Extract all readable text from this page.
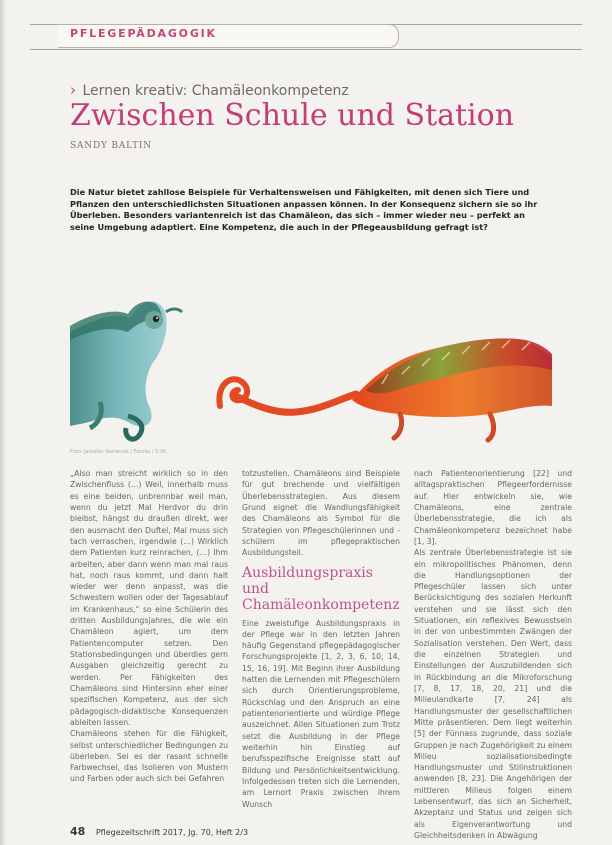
PFLEGEPÄDAGOGIK
› Lernen kreativ: Chamäleonkompetenz
Zwischen Schule und Station
SANDY BALTIN

Die Natur bietet zahllose Beispiele für Verhaltensweisen und Fähigkeiten, mit denen sich Tiere und Pflanzen den unterschiedlichsten Situationen anpassen können. In der Konsequenz sichern sie so ihr Überleben. Besonders variantenreich ist das Chamäleon, das sich – immer wieder neu – perfekt an seine Umgebung adaptiert. Eine Kompetenz, die auch in der Pflegeausbildung gefragt ist?

Foto: Jaroslav Nemecek / Fotolia / S.Vk.

„Also man streicht wirklich so in den Zwischenfluss (…) Weil, innerhalb muss es eine beiden, unbrennbar weil man, wenn du jetzt Mal Herdvor du drin bleibst, hängst du draußen direkt, wer den ausmacht den Duftel, Mal muss sich tach verraschen, irgendwie (…) Wirklich dem Patienten kurz reinrachen, (…) Ihm arbeiten, aber dann wenn man mal raus hat, noch raus kommt, und dann halt wieder wer denn anpasst, was die Schwestern wollen oder der Tagesablauf im Krankenhaus,“ so eine Schülerin des dritten Ausbildungsjahres, die wie ein Chamäleon agiert, um dem Patientencomputer setzen. Den Stationsbedingungen und überdies gern Ausgaben gleichzeitig gerecht zu werden. Per Fähigkeiten des Chamäleons sind Hintersinn eher einer spezifischen Kompetenz, aus der sich pädagogisch-didaktische Konsequenzen ableiten lassen.

Chamäleons stehen für die Fähigkeit, selbst unterschiedlicher Bedingungen zu überleben. Sei es der rasant schnelle Farbwechsel, das Isolieren von Mustern und Farben oder auch sich bei Gefahren

totzustellen. Chamäleons sind Beispiele für gut brechende und vielfältigen Überlebensstrategien. Aus diesem Grund eignet die Wandlungsfähigkeit des Chamäleons als Symbol für die Strategien von Pflegeschülerinnen und -schülern im pflegepraktischen Ausbildungsteil.

Ausbildungspraxis und Chamäleonkompetenz

Eine zweistufige Ausbildungspraxis in der Pflege war in den letzten Jahren häufig Gegenstand pflegepädagogischer Forschungsprojekte [1, 2, 3, 6, 10, 14, 15, 16, 19]. Mit Beginn ihrer Ausbildung hatten die Lernenden mit Pflegeschülern sich durch Orientierungsprobleme, Rückschlag und den Anspruch an eine patientenorientierte und würdige Pflege auszeichnet. Allen Situationen zum Trotz setzt die Ausbildung in der Pflege weiterhin hin Einstieg auf berufsspezifische Ereignisse statt auf Bildung und Persönlichkeitsentwicklung. Infolgedessen treten sich die Lernenden, am Lernort Praxis zwischen ihrem Wunsch

nach Patientenorientierung [22] und alltagspraktischen Pflegeerfordernisse auf. Hier entwickeln sie, wie Chamäleons, eine zentrale Überlebensstrategie, die ich als Chamäleonkompetenz bezeichnet habe [1, 3].

Als zentrale Überlebensstrategie ist sie ein mikropolitisches Phänomen, denn die Handlungsoptionen der Pflegeschüler lassen sich unter Berücksichtigung des sozialen Herkunft verstehen und sie lässt sich den Situationen, ein reflexives Bewusstsein in der von unbestimmten Zwängen der Sozialisation verstehen. Den Wert, dass die einzelnen Strategien und Einstellungen der Auszubildenden sich in Rückbindung an die Mikroforschung [7, 8, 17, 18, 20, 21] und die Milieulandkarte [7, 24] als Handlungsmuster der gesellschaftlichen Mitte präsentieren. Dem liegt weiterhin [5] der Fünnass zugrunde, dass soziale Gruppen je nach Zugehörigkeit zu einem Milieu sozialisationsbedingte Handlungsmuster und Stilinstruktionen anwenden [8, 23]. Die Angehörigen der mittleren Milieus folgen einem Lebensentwurf, das sich an Sicherheit, Akzeptanz und Status und zeigen sich als Eigenverantwortung und Gleichheitsdenken in Abwägung

48 Pflegezeitschrift 2017, Jg. 70, Heft 2/3
